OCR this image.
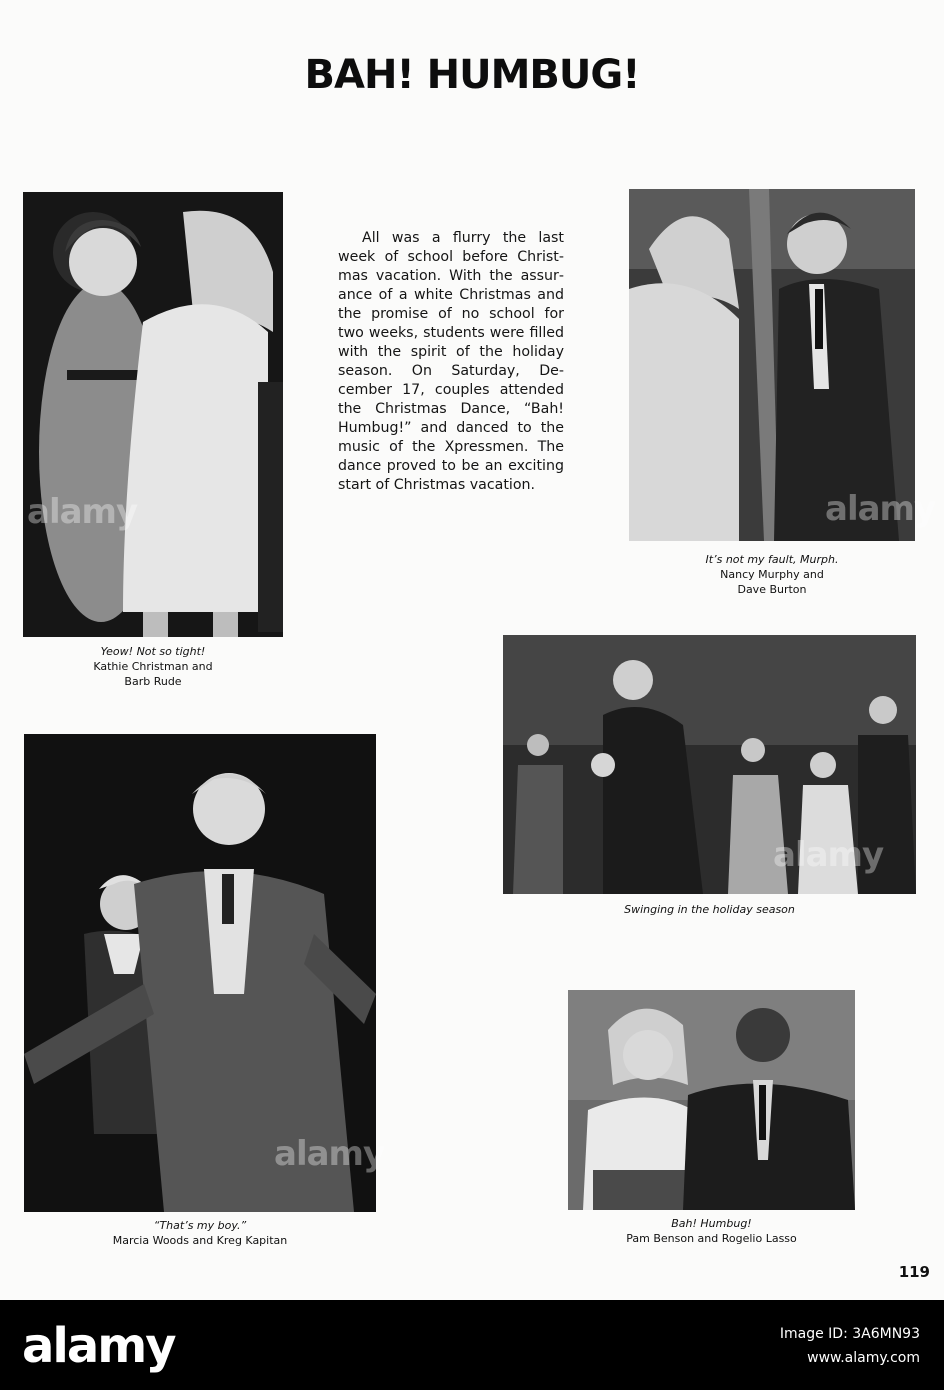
BAH! HUMBUG!
alamy
Yeow! Not so tight!
Kathie Christman and
Barb Rude

All was a flurry the last week of school before Christmas vacation. With the assurance of a white Christmas and the promise of no school for two weeks, students were filled with the spirit of the holiday season. On Saturday, December 17, couples attended the Christmas Dance, “Bah! Humbug!” and danced to the music of the Xpressmen. The dance proved to be an exciting start of Christmas vacation.

alamy
It’s not my fault, Murph.
Nancy Murphy and
Dave Burton
alamy
Swinging in the holiday season
alamy
“That’s my boy.”
Marcia Woods and Kreg Kapitan
Bah! Humbug!
Pam Benson and Rogelio Lasso
119
alamy	Image ID: 3A6MN93
www.alamy.com
